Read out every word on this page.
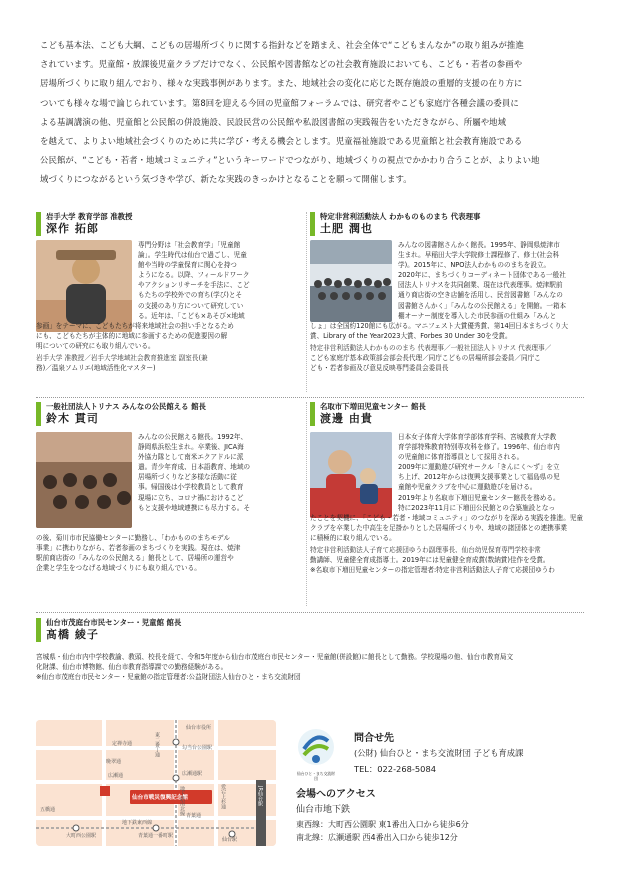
こども基本法、こども大綱、こどもの居場所づくりに関する指針などを踏まえ、社会全体で“こどもまんなか”の取り組みが推進

されています。児童館・放課後児童クラブだけでなく、公民館や図書館などの社会教育施設においても、こども・若者の参画や

居場所づくりに取り組んでおり、様々な実践事例があります。また、地域社会の変化に応じた既存施設の重層的支援の在り方に

ついても様々な場で論じられています。第8回を迎える今回の児童館フォーラムでは、研究者やこども家庭庁各種会議の委員に

よる基調講演の他、児童館と公民館の併設施設、民設民営の公民館や私設図書館の実践報告をいただきながら、所屬や地域

を越えて、よりよい地域社会づくりのために共に学び・考える機会とします。児童福祉施設である児童館と社会教育施設である

公民館が、“こども・若者・地域コミュニティ”というキーワードでつながり、地域づくりの視点でかかわり合うことが、よりよい地

域づくりにつながるという気づきや学び、新たな実践のきっかけとなることを願って開催します。

岩手大学 教育学部 准教授
深作 拓郎

専門分野は「社会教育学」「児童館

論」。学生時代は仙台で過ごし、児童

館や当時の学童保育に関心を持つ

ようになる。以降、フィールドワーク

やアクションリサーチを手法に、こど

もたちの学校外での育ち(学び)とそ

の支援のあり方について研究してい

る。近年は、「こども×あそび×地域

参画」をテーマに、こどもたちが将来地域社会の担い手となるため

にも、こどもたちが主体的に地域に参画するための促進要因の解

明についての研究にも取り組んでいる。

岩手大学 准教授／岩手大学地域社会教育推進室 副室長(兼

務)／温泉ソムリエ(地域活性化マスター)

特定非営利活動法人 わかものものまち 代表理事
土肥 潤也

みんなの図書館さんかく館長。1995年、静岡県焼津市

生まれ。早稲田大学大学院修士課程修了、修士(社会科

学)。2015年に、NPO法人わかもののまちを設立。

2020年に、まちづくりコーディネート団体である一般社

団法人トリナスを共同創業、現在は代表理事。焼津駅前

通り商店街の空き店舗を活用し、民営図書館「みんなの

図書館さんかく」「みんなの公民館える」を開館。一箱本

棚オーナー制度を導入した市民参画の仕組み「みんと

しょ」は全国約120館にも広がる。マニフェスト大賞優秀賞、第14回日本まちづくり大

賞、Library of the Year2023大賞、Forbes 30 Under 30を受賞。

特定非営利活動法人わかもののまち 代表理事／一般社団法人トリナス 代表理事／

こども家庭庁基本政策部会部会長代理／同庁こどもの居場所部会委員／同庁こ

ども・若者参画及び意見反映専門委員会委員長

一般社団法人トリナス みんなの公民館える 館長
鈴木 貫司

みんなの公民館える館長。1992年、

静岡県浜松生まれ。卒業後、JICA海

外協力隊として南米エクアドルに派

遣。青少年育成、日本語教育、地域の

居場所づくりなど多様な活動に従

事。帰国後は小学校教員として教育

現場に立ち、コロナ禍におけるこど

もと支援や地域連携にも尽力する。そ

の後、菊川市市民協働センターに勤務し、「わかもののまちモデル

事業」に携わりながら、若者参画のまちづくりを実践。現在は、焼津

駅前商店街の「みんなの公民館える」館長として、居場所の運営や

企業と学生をつなげる地域づくりにも取り組んでいる。

名取市下増田児童センター 館長
渡邊 由貴

日本女子体育大学体育学部体育学科、宮城教育大学教

育学部特殊教育特別専攻科を修了。1996年、仙台市内

の児童館に体育指導員として採用される。

2009年に運動遊び研究サークル「きんにく〜ず」を立

ち上げ、2012年からは復興支援事業として福島県の児

童館や児童クラブを中心に運動遊びを届ける。

2019年より名取市下増田児童センター館長を務める。

特に2023年11月に下増田公民館との合築施設となっ

たことを契機に、「こども・若者・地域コミュニティ」のつながりを深める実践を推進。児童

クラブを卒業した中高生を足掛かりとした居場所づくりや、地域の諸団体との連携事業

に積極的に取り組んでいる。

特定非営利活動法人子育て応援団ゆうわ副理事長、仙台幼児保育専門学校非常

勤講師、児童健全育成指導士。2019年には児童健全育成賞(数納賞)佳作を受賞。

※名取市下増田児童センターの指定管理者:特定非営利活動法人子育て応援団ゆうわ

仙台市茂庭台市民センター・児童館 館長
髙橋 綾子

宮城県・仙台市内中学校教諭、教頭、校長を経て、令和5年度から仙台市茂庭台市民センター・児童館(併設館)に館長として勤務。学校現場の他、仙台市教育局文

化財課、仙台市博物館、仙台市教育指導課での勤務経験がある。

※仙台市茂庭台市民センター・児童館の指定管理者:公益財団法人仙台ひと・まち交流財団

仙台市戦災復興記念館
仙台市役所
定禅寺通
晩翠通
勾当台公園駅
広瀬通	広瀬通駅
五橋通
大町西公園駅
地下鉄東西線
青葉通一番町駅
仙台駅
青葉通
愛宕上杉通	JR仙台駅
東二番丁通
地下鉄南北線
仙台ひと・まち交流財団
問合せ先
(公財) 仙台ひと・まち交流財団 子ども育成課
TEL：022-268-5084
会場へのアクセス
仙台市地下鉄
東西線：大町西公園駅 東1番出入口から徒歩6分
南北線：広瀬通駅 西4番出入口から徒歩12分
